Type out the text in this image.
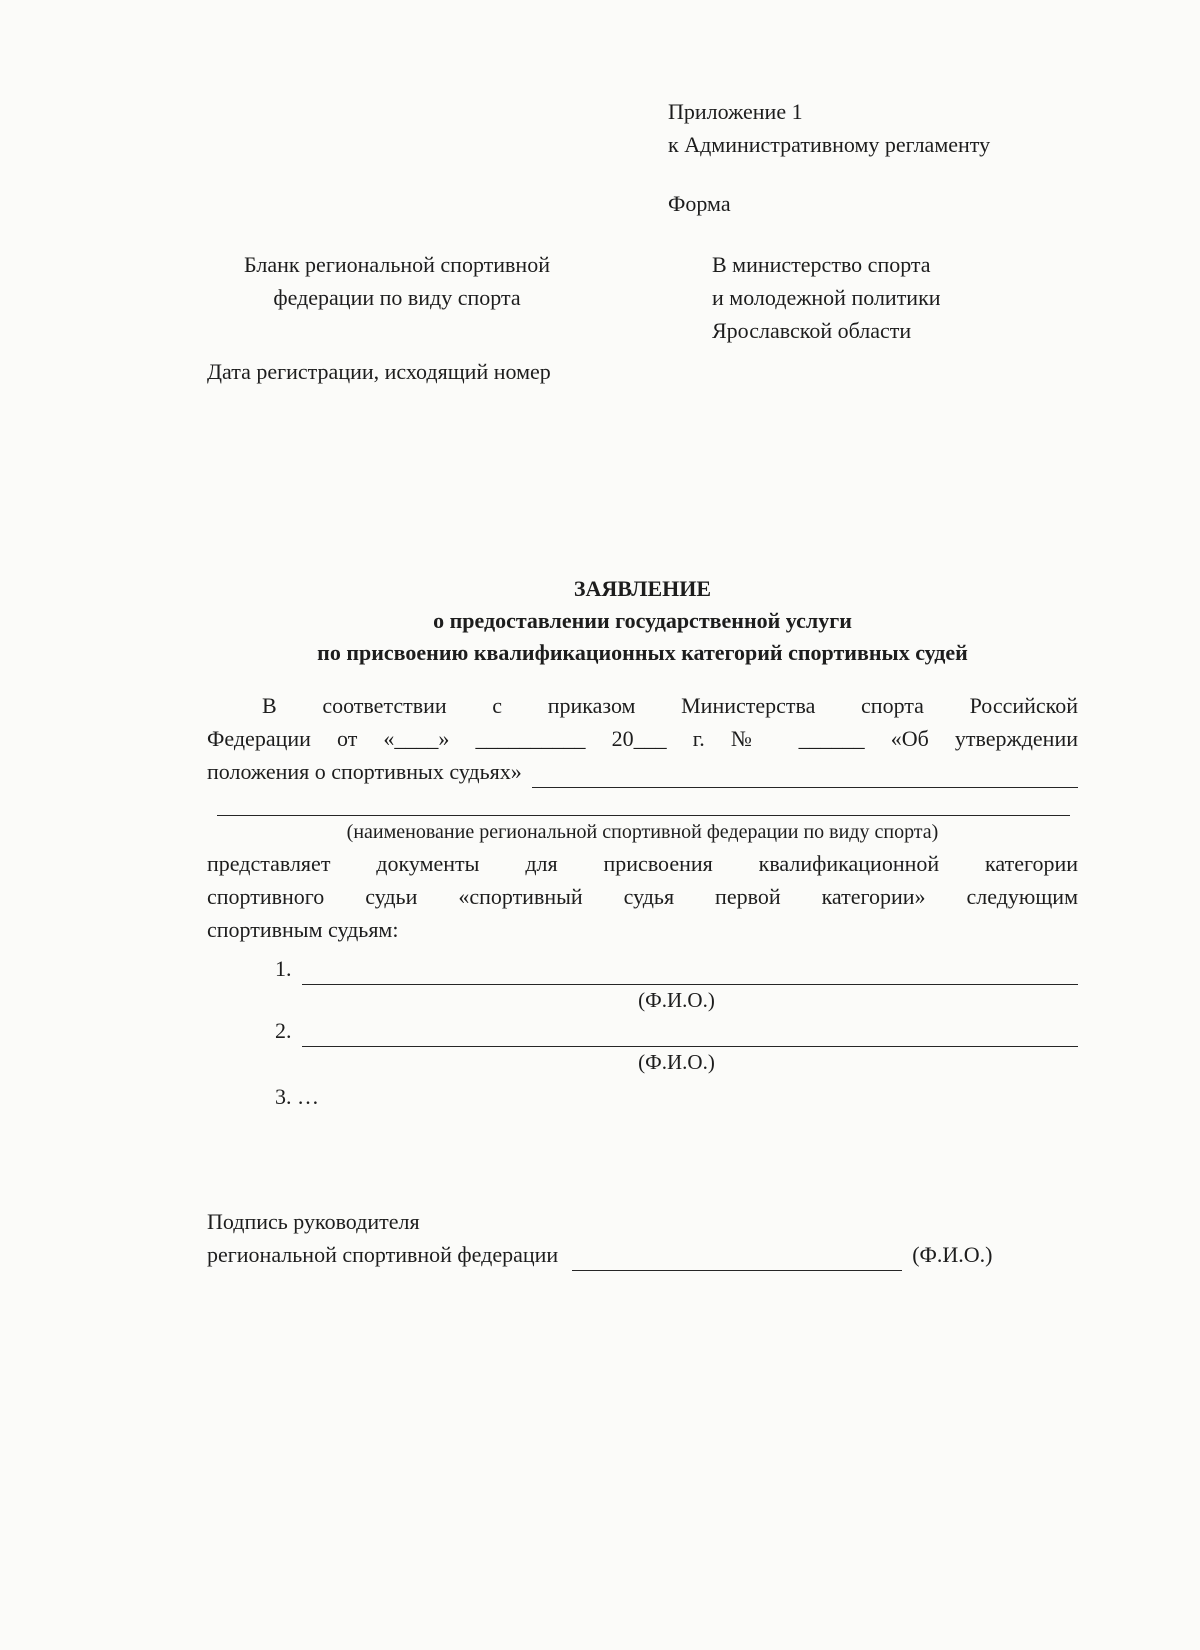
Приложение 1
к Административному регламенту
Форма
Бланк региональной спортивной
федерации по виду спорта
В министерство спорта
и молодежной политики
Ярославской области
Дата регистрации, исходящий номер
ЗАЯВЛЕНИЕ
о предоставлении государственной услуги
по присвоению квалификационных категорий спортивных судей
В соответствии с приказом Министерства спорта Российской
Федерации от «____» __________ 20___ г. № ______ «Об утверждении
положения о спортивных судьях»
(наименование региональной спортивной федерации по виду спорта)
представляет документы для присвоения квалификационной категории
спортивного судьи «спортивный судья первой категории» следующим
спортивным судьям:
1.
(Ф.И.О.)
2.
(Ф.И.О.)
3. …
Подпись руководителя
региональной спортивной федерации	(Ф.И.О.)
